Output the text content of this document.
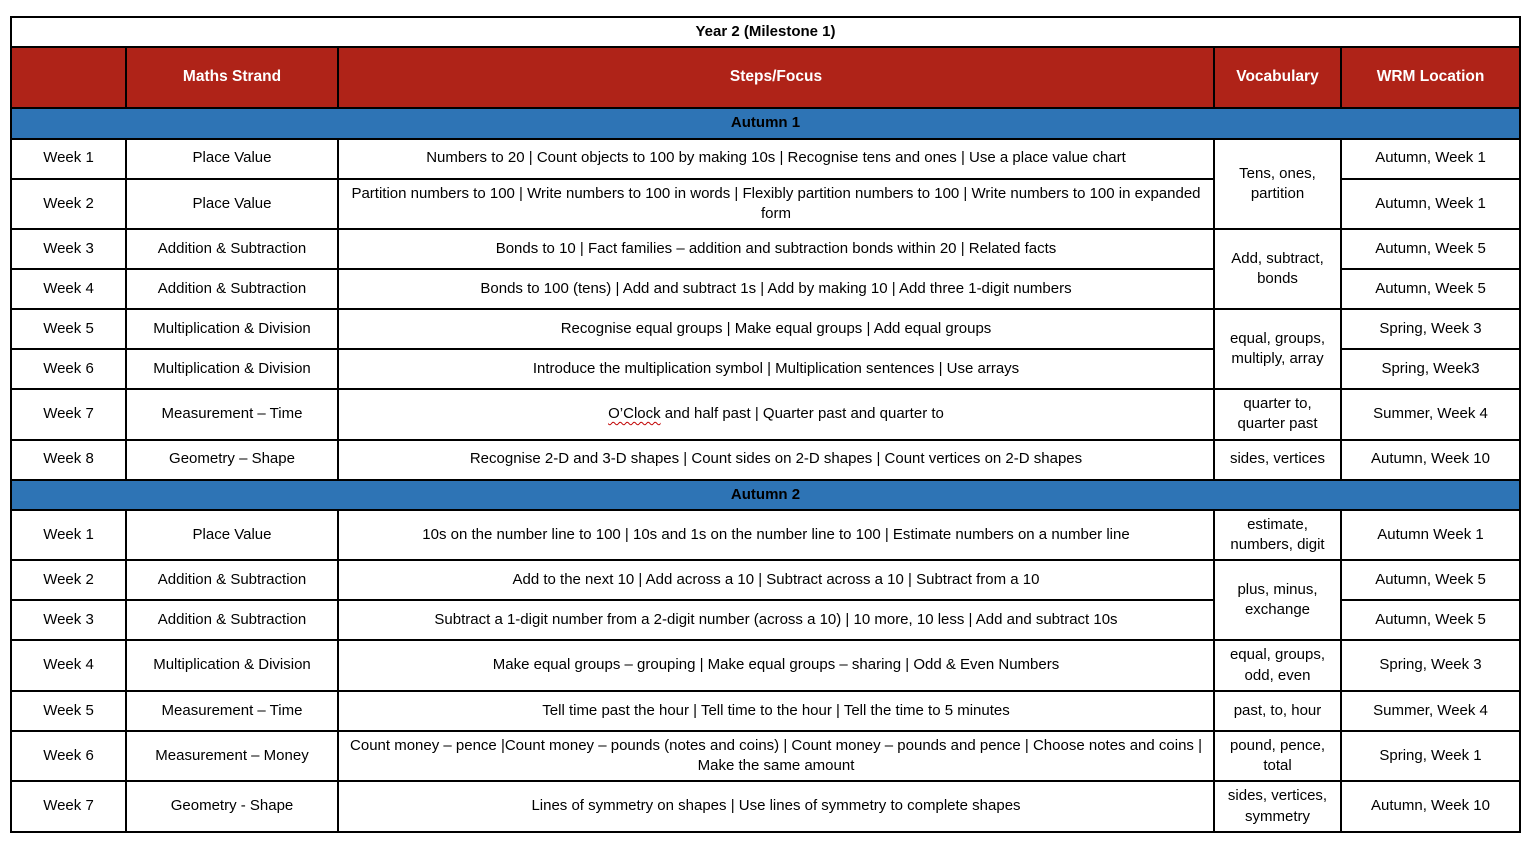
Year 2 (Milestone 1)				
	Maths Strand	Steps/Focus	Vocabulary	WRM Location
Autumn 1				
Week 1	Place Value	Numbers to 20 | Count objects to 100 by making 10s | Recognise tens and ones | Use a place value chart	Tens, ones, partition	Autumn, Week 1
Week 2	Place Value	Partition numbers to 100 | Write numbers to 100 in words | Flexibly partition numbers to 100 | Write numbers to 100 in expanded form		Autumn, Week 1
Week 3	Addition & Subtraction	Bonds to 10 | Fact families – addition and subtraction bonds within 20 | Related facts	Add, subtract, bonds	Autumn, Week 5
Week 4	Addition & Subtraction	Bonds to 100 (tens) | Add and subtract 1s | Add by making 10 | Add three 1-digit numbers		Autumn, Week 5
Week 5	Multiplication & Division	Recognise equal groups | Make equal groups | Add equal groups	equal, groups, multiply, array	Spring, Week 3
Week 6	Multiplication & Division	Introduce the multiplication symbol | Multiplication sentences | Use arrays		Spring, Week3
Week 7	Measurement – Time	O’Clock and half past | Quarter past and quarter to	quarter to, quarter past	Summer, Week 4
Week 8	Geometry – Shape	Recognise 2-D and 3-D shapes | Count sides on 2-D shapes | Count vertices on 2-D shapes	sides, vertices	Autumn, Week 10
Autumn 2				
Week 1	Place Value	10s on the number line to 100 | 10s and 1s on the number line to 100 | Estimate numbers on a number line	estimate, numbers, digit	Autumn Week 1
Week 2	Addition & Subtraction	Add to the next 10 | Add across a 10 | Subtract across a 10 | Subtract from a 10	plus, minus, exchange	Autumn, Week 5
Week 3	Addition & Subtraction	Subtract a 1-digit number from a 2-digit number (across a 10) | 10 more, 10 less | Add and subtract 10s		Autumn, Week 5
Week 4	Multiplication & Division	Make equal groups – grouping | Make equal groups – sharing | Odd & Even Numbers	equal, groups, odd, even	Spring, Week 3
Week 5	Measurement – Time	Tell time past the hour | Tell time to the hour | Tell the time to 5 minutes	past, to, hour	Summer, Week 4
Week 6	Measurement – Money	Count money – pence |Count money – pounds (notes and coins) | Count money – pounds and pence | Choose notes and coins | Make the same amount	pound, pence, total	Spring, Week 1
Week 7	Geometry - Shape	Lines of symmetry on shapes | Use lines of symmetry to complete shapes	sides, vertices, symmetry	Autumn, Week 10
